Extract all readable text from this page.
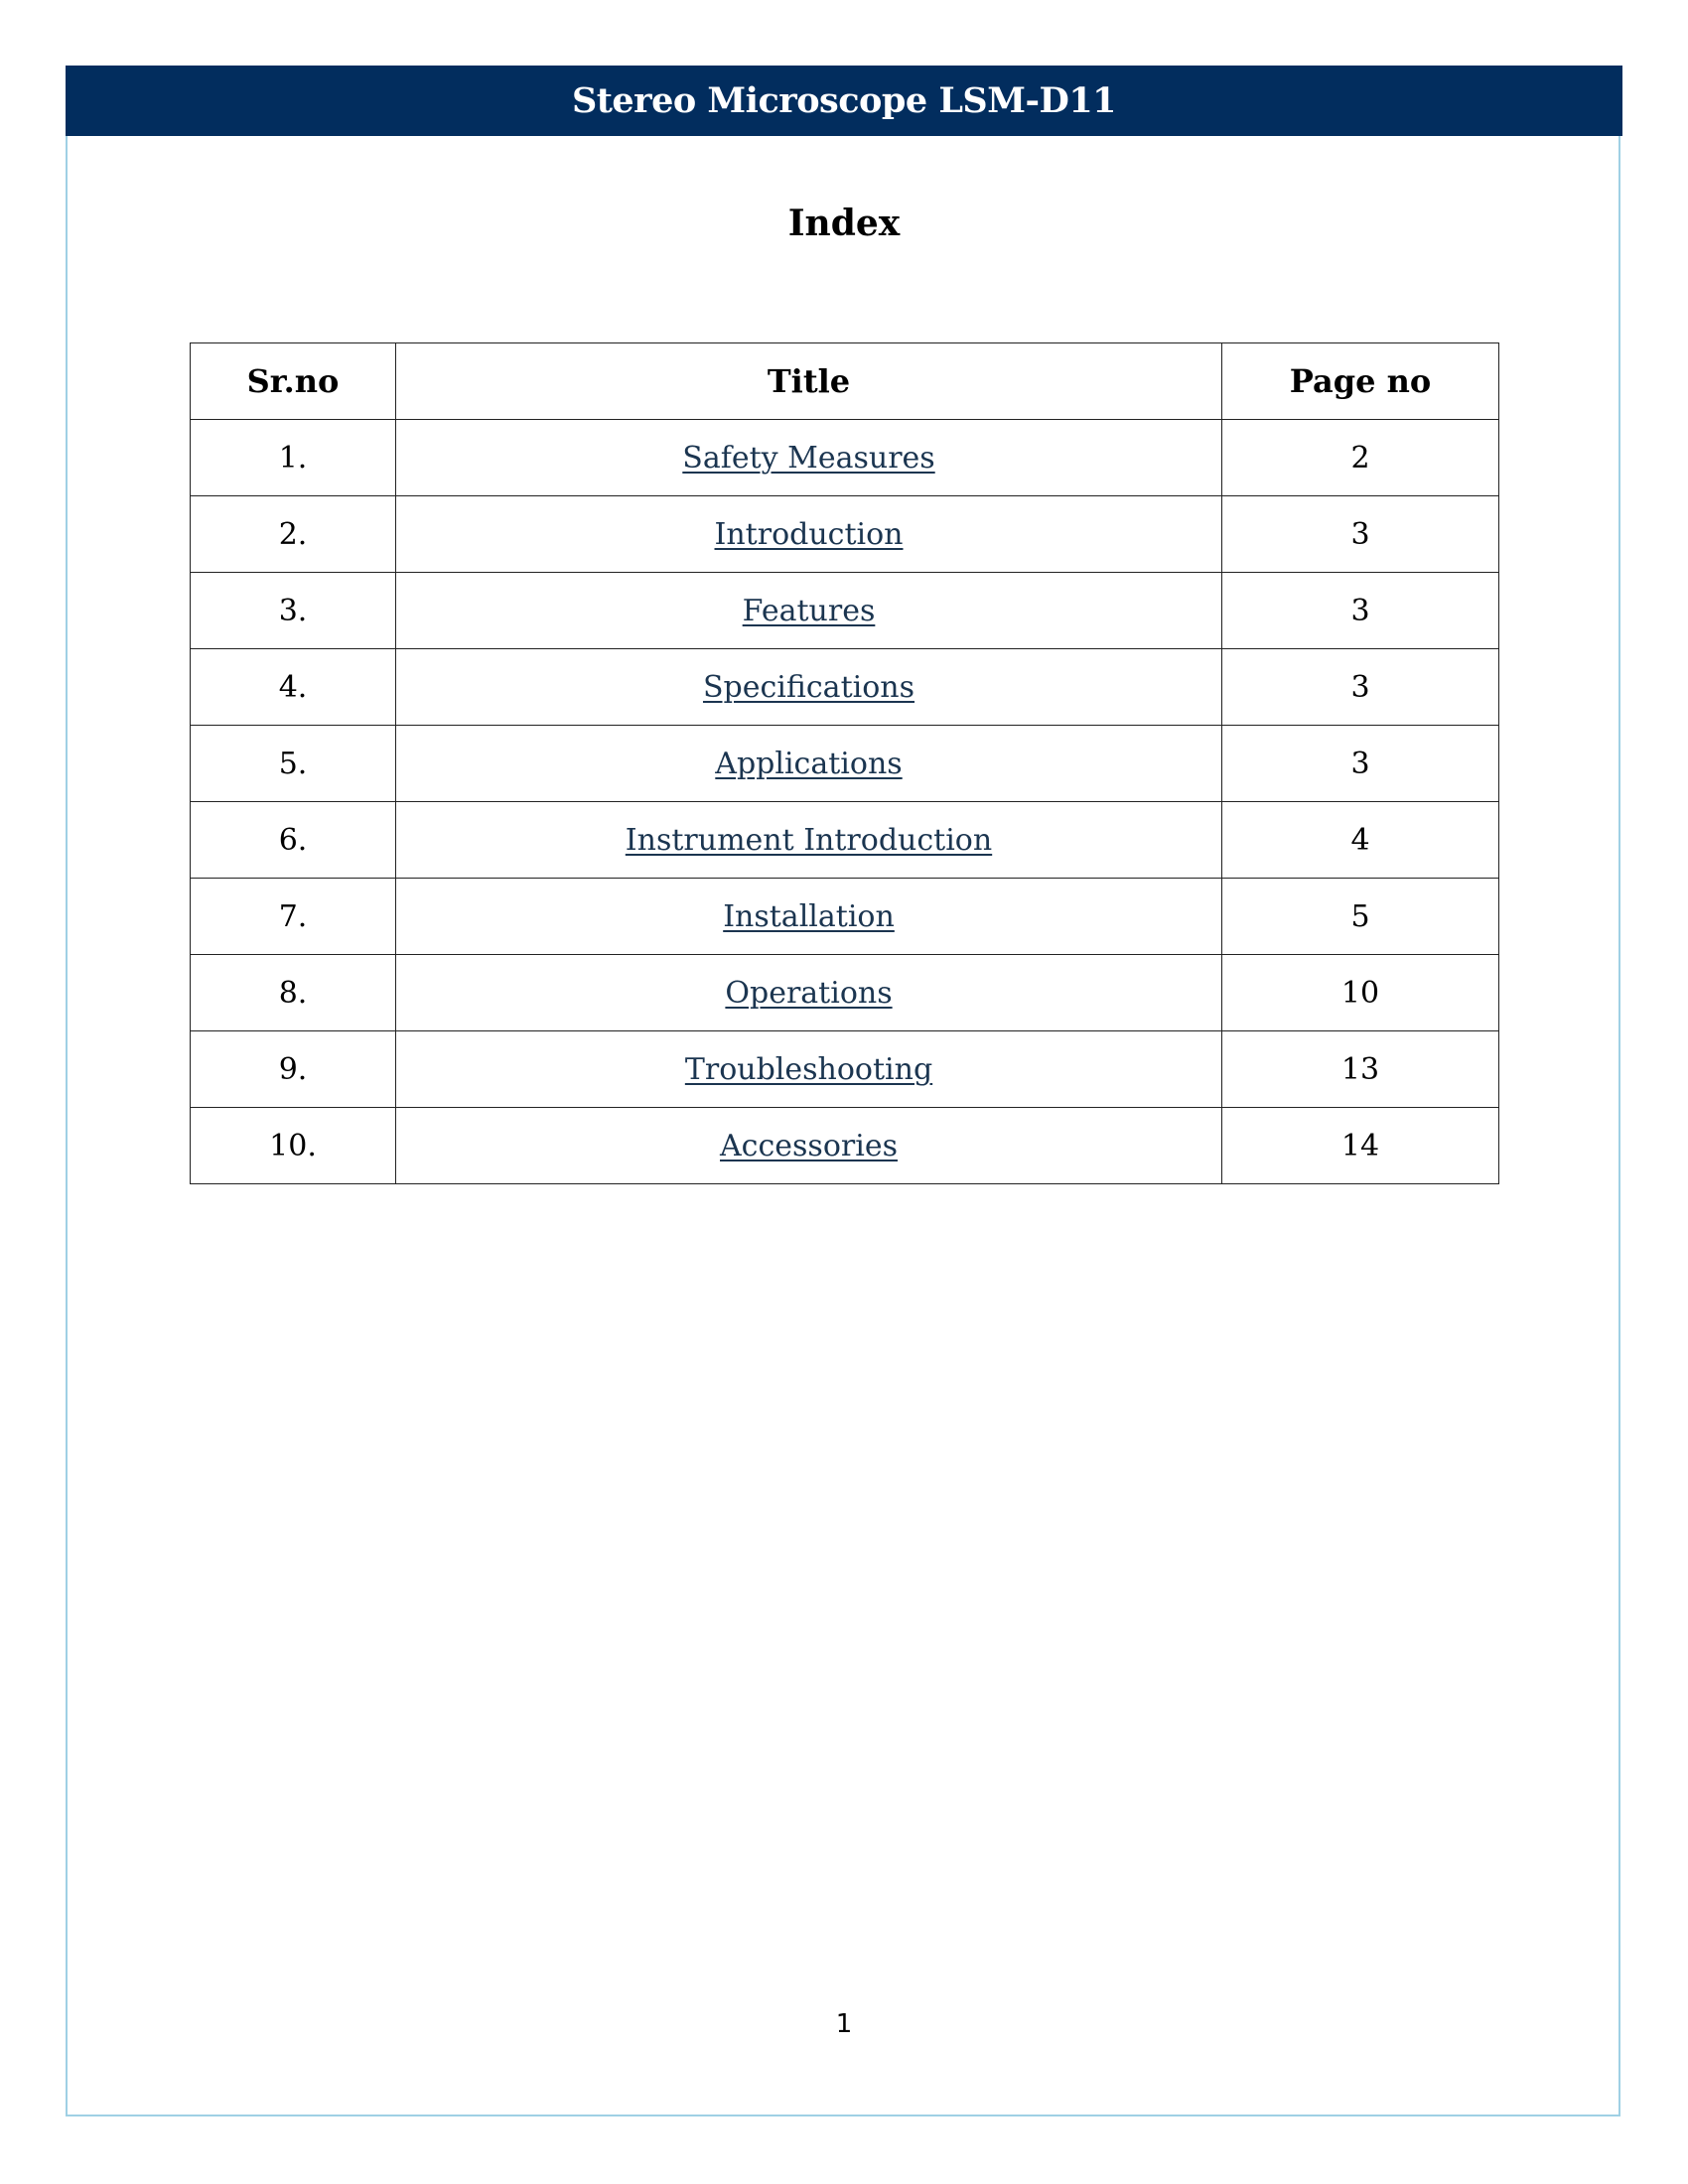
Stereo Microscope LSM-D11
Index
Sr.no	Title	Page no
1.	Safety Measures	2
2.	Introduction	3
3.	Features	3
4.	Specifications	3
5.	Applications	3
6.	Instrument Introduction	4
7.	Installation	5
8.	Operations	10
9.	Troubleshooting	13
10.	Accessories	14
1
